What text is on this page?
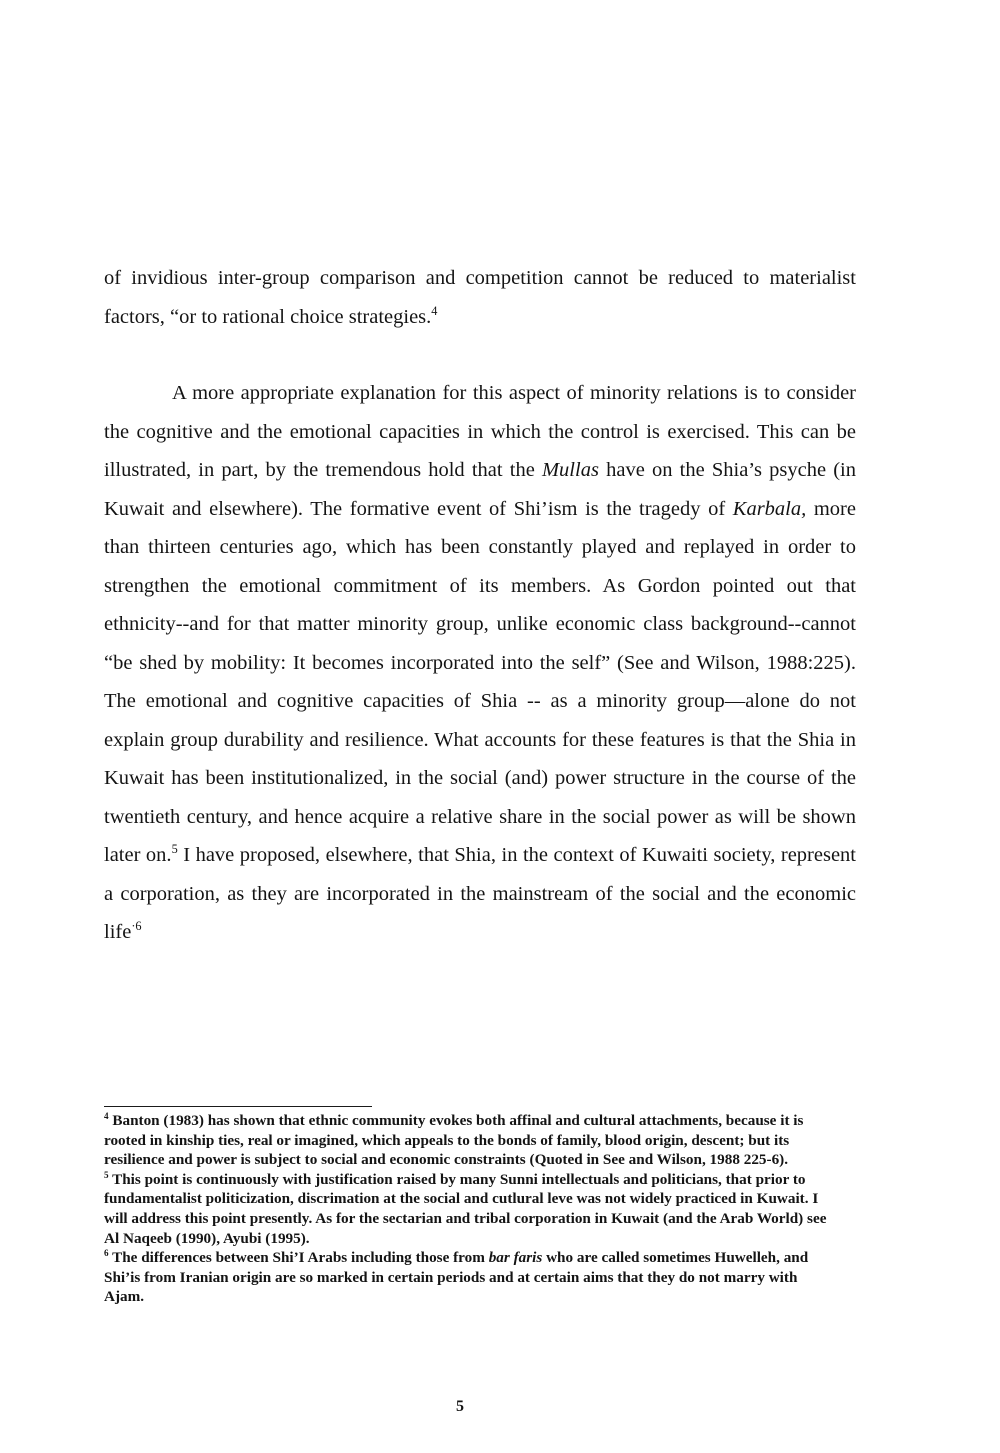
of invidious inter-group comparison and competition cannot be reduced to materialist factors, “or to rational choice strategies.$^4$

A more appropriate explanation for this aspect of minority relations is to consider the cognitive and the emotional capacities in which the control is exercised. This can be illustrated, in part, by the tremendous hold that the Mullas have on the Shia’s psyche (in Kuwait and elsewhere). The formative event of Shi’ism is the tragedy of Karbala, more than thirteen centuries ago, which has been constantly played and replayed in order to strengthen the emotional commitment of its members. As Gordon pointed out that ethnicity--and for that matter minority group, unlike economic class background--cannot “be shed by mobility: It becomes incorporated into the self” (See and Wilson, 1988:225). The emotional and cognitive capacities of Shia -- as a minority group—alone do not explain group durability and resilience. What accounts for these features is that the Shia in Kuwait has been institutionalized, in the social (and) power structure in the course of the twentieth century, and hence acquire a relative share in the social power as will be shown later on.$^5$ I have proposed, elsewhere, that Shia, in the context of Kuwaiti society, represent a corporation, as they are incorporated in the mainstream of the social and the economic life$^{\cdot 6}$

$^4$ Banton (1983) has shown that ethnic community evokes both affinal and cultural attachments, because it is rooted in kinship ties, real or imagined, which appeals to the bonds of family, blood origin, descent; but its resilience and power is subject to social and economic constraints (Quoted in See and Wilson, 1988 225-6).

$^5$ This point is continuously with justification raised by many Sunni intellectuals and politicians, that prior to fundamentalist politicization, discrimation at the social and cutlural leve was not widely practiced in Kuwait. I will address this point presently. As for the sectarian and tribal corporation in Kuwait (and the Arab World) see Al Naqeeb (1990), Ayubi (1995).

$^6$ The differences between Shi’I Arabs including those from bar faris who are called sometimes Huwelleh, and Shi’is from Iranian origin are so marked in certain periods and at certain aims that they do not marry with Ajam.

5
